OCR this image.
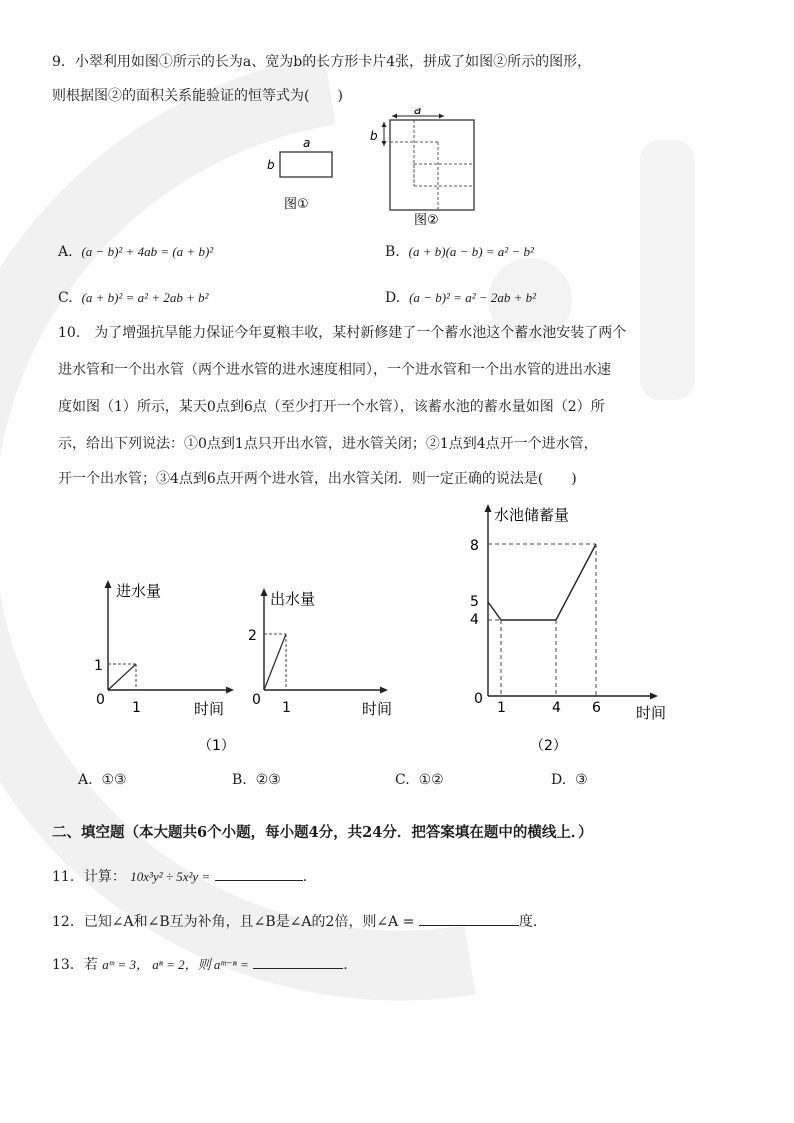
9．小翠利用如图①所示的长为a、宽为b的长方形卡片4张，拼成了如图②所示的图形，
则根据图②的面积关系能验证的恒等式为(　　)
a
b
图①
a
b
图②
A. (a − b)² + 4ab = (a + b)²	B. (a + b)(a − b) = a² − b²
C. (a + b)² = a² + 2ab + b²	D. (a − b)² = a² − 2ab + b²
10.　为了增强抗旱能力保证今年夏粮丰收，某村新修建了一个蓄水池这个蓄水池安装了两个
进水管和一个出水管（两个进水管的进水速度相同），一个进水管和一个出水管的进出水速
度如图（1）所示，某天0点到6点（至少打开一个水管），该蓄水池的蓄水量如图（2）所
示，给出下列说法：①0点到1点只开出水管，进水管关闭；②1点到4点开一个进水管，
开一个出水管；③4点到6点开两个进水管，出水管关闭．则一定正确的说法是(　　)
进水量
1
0 1	时间
（1）
出水量
2
0 1	时间
水池储蓄量
8
5
4
0
1	4 6 时间
（2）
A. ①③	B. ②③	C. ①②	D. ③
二、填空题（本大题共6个小题，每小题4分，共24分．把答案填在题中的横线上．）
11．计算： 10x³y² ÷ 5x²y =	.
12．已知∠A和∠B互为补角，且∠B是∠A的2倍，则∠A =	度.
13．若 aᵐ = 3， aⁿ = 2，则 aᵐ⁻ⁿ =	.
